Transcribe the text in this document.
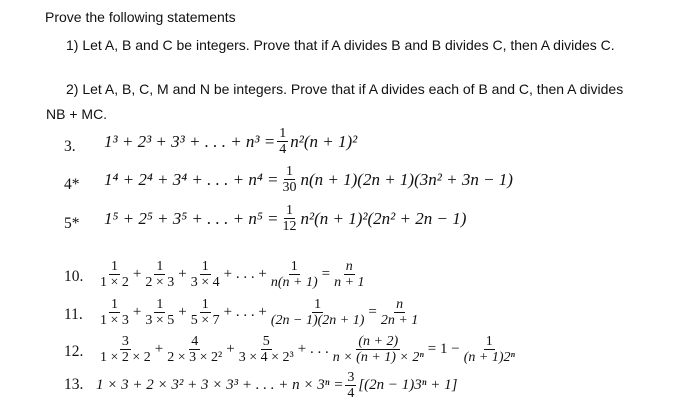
Prove the following statements
1) Let A, B and C be integers. Prove that if A divides B and B divides C, then A divides C.
2) Let A, B, C, M and N be integers. Prove that if A divides each of B and C, then A divides
NB + MC.
3.
4*
5*
10.
11.
12.
13.
1³ + 2³ + 3³ + . . . + $n^3 = \frac{1}{4} n^2(n + 1)^2$
1⁴ + 2⁴ + 3⁴ + . . . + $n^4 = \frac{1}{30} n(n + 1)(2n + 1)(3n^2 + 3n - 1)$
1⁵ + 2⁵ + 3⁵ + . . . + $n^5 = \frac{1}{12} n^2(n + 1)^2(2n^2 + 2n - 1)$
$\frac{1}{1 \times 2} + \frac{1}{2 \times 3} + \frac{1}{3 \times 4}$ + . . . + $\frac{1}{n(n + 1)} = \frac{n}{n + 1}$
$\frac{1}{1 \times 3} + \frac{1}{3 \times 5} + \frac{1}{5 \times 7}$ + . . . + $\frac{1}{(2n - 1)(2n + 1)} = \frac{n}{2n + 1}$
$\frac{3}{1 \times 2 \times 2} + \frac{4}{\text{2 × 3 × 2²}} + \frac{5}{\text{3 × 4 × 2³}}$ + . . . $\frac{(n + 2)}{\text{n × (n + 1) × 2ⁿ}} = 1 - \frac{1}{\text{(n + 1)2ⁿ}}$
1 × 3 + 2 × 3² + 3 × 3³ + . . . + $n \times 3^n = \frac{3}{4} [(2n - 1)3^n + 1]$
